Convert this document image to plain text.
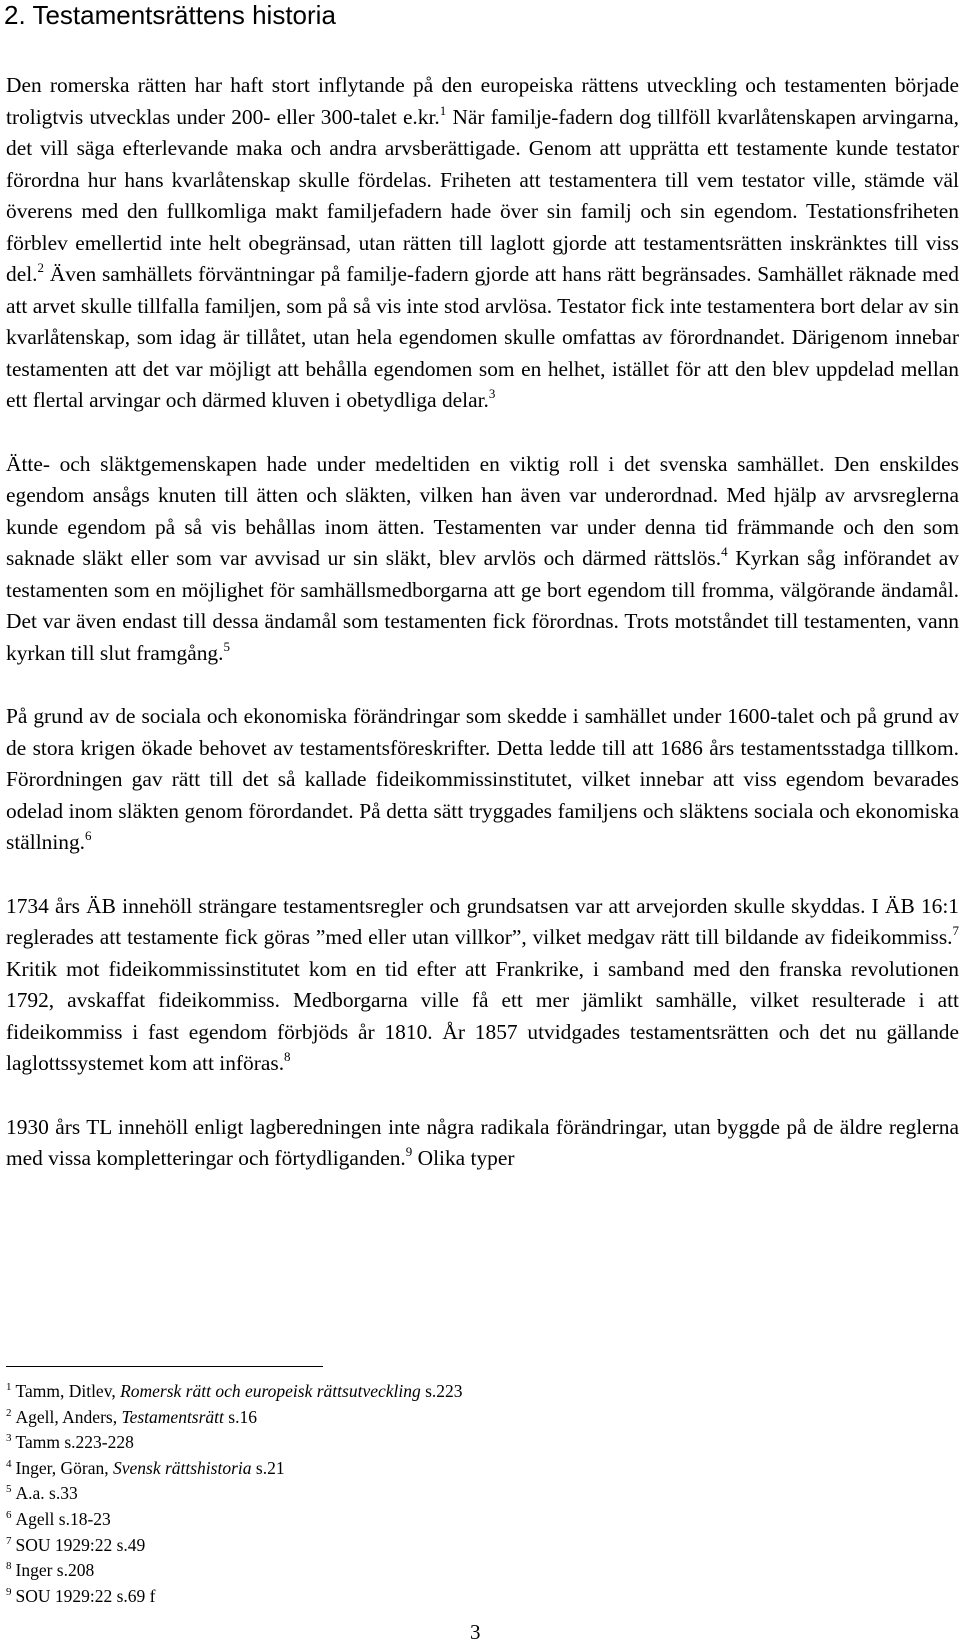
2. Testamentsrättens historia

Den romerska rätten har haft stort inflytande på den europeiska rättens utveckling och testamenten började troligtvis utvecklas under 200- eller 300-talet e.kr.$^1$ När familje-fadern dog tillföll kvarlåtenskapen arvingarna, det vill säga efterlevande maka och andra arvsberättigade. Genom att upprätta ett testamente kunde testator förordna hur hans kvarlåtenskap skulle fördelas. Friheten att testamentera till vem testator ville, stämde väl överens med den fullkomliga makt familjefadern hade över sin familj och sin egendom. Testationsfriheten förblev emellertid inte helt obegränsad, utan rätten till laglott gjorde att testamentsrätten inskränktes till viss del.$^2$ Även samhällets förväntningar på familje-fadern gjorde att hans rätt begränsades. Samhället räknade med att arvet skulle tillfalla familjen, som på så vis inte stod arvlösa. Testator fick inte testamentera bort delar av sin kvarlåtenskap, som idag är tillåtet, utan hela egendomen skulle omfattas av förordnandet. Därigenom innebar testamenten att det var möjligt att behålla egendomen som en helhet, istället för att den blev uppdelad mellan ett flertal arvingar och därmed kluven i obetydliga delar.$^3$

Ätte- och släktgemenskapen hade under medeltiden en viktig roll i det svenska samhället. Den enskildes egendom ansågs knuten till ätten och släkten, vilken han även var underordnad. Med hjälp av arvsreglerna kunde egendom på så vis behållas inom ätten. Testamenten var under denna tid främmande och den som saknade släkt eller som var avvisad ur sin släkt, blev arvlös och därmed rättslös.$^4$ Kyrkan såg införandet av testamenten som en möjlighet för samhällsmedborgarna att ge bort egendom till fromma, välgörande ändamål. Det var även endast till dessa ändamål som testamenten fick förordnas. Trots motståndet till testamenten, vann kyrkan till slut framgång.$^5$

På grund av de sociala och ekonomiska förändringar som skedde i samhället under 1600-talet och på grund av de stora krigen ökade behovet av testamentsföreskrifter. Detta ledde till att 1686 års testamentsstadga tillkom. Förordningen gav rätt till det så kallade fideikommissinstitutet, vilket innebar att viss egendom bevarades odelad inom släkten genom förordandet. På detta sätt tryggades familjens och släktens sociala och ekonomiska ställning.$^6$

1734 års ÄB innehöll strängare testamentsregler och grundsatsen var att arvejorden skulle skyddas. I ÄB 16:1 reglerades att testamente fick göras ”med eller utan villkor”, vilket medgav rätt till bildande av fideikommiss.$^7$ Kritik mot fideikommissinstitutet kom en tid efter att Frankrike, i samband med den franska revolutionen 1792, avskaffat fideikommiss. Medborgarna ville få ett mer jämlikt samhälle, vilket resulterade i att fideikommiss i fast egendom förbjöds år 1810. År 1857 utvidgades testamentsrätten och det nu gällande laglottssystemet kom att införas.$^8$

1930 års TL innehöll enligt lagberedningen inte några radikala förändringar, utan byggde på de äldre reglerna med vissa kompletteringar och förtydliganden.$^9$ Olika typer

$^1$ Tamm, Ditlev, Romersk rätt och europeisk rättsutveckling s.223
$^2$ Agell, Anders, Testamentsrätt s.16
$^3$ Tamm s.223-228
$^4$ Inger, Göran, Svensk rättshistoria s.21
$^5$ A.a. s.33
$^6$ Agell s.18-23
$^7$ SOU 1929:22 s.49
$^8$ Inger s.208
$^9$ SOU 1929:22 s.69 f
3
